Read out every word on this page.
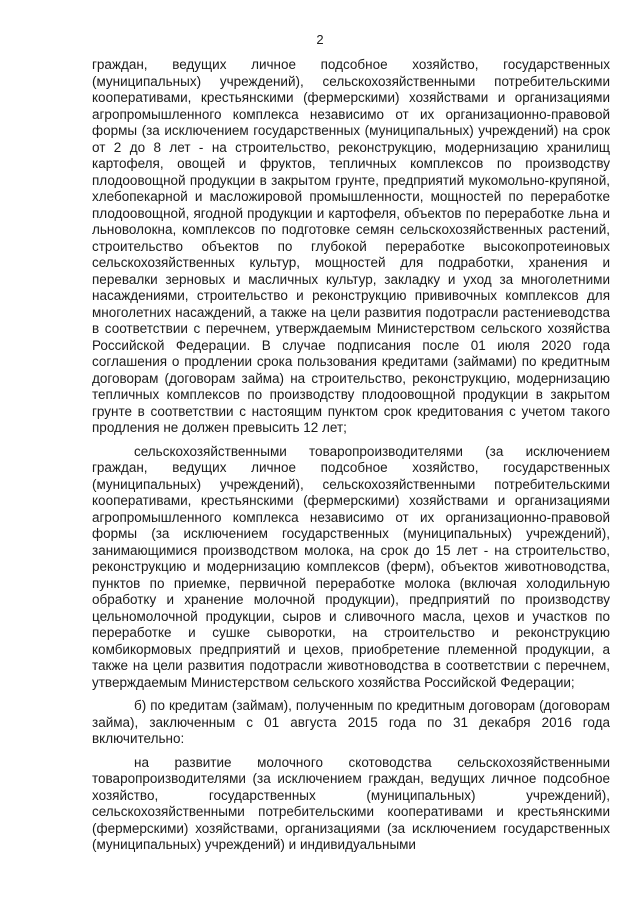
2

граждан, ведущих личное подсобное хозяйство, государственных (муниципальных) учреждений), сельскохозяйственными потребительскими кооперативами, крестьянскими (фермерскими) хозяйствами и организациями агропромышленного комплекса независимо от их организационно-правовой формы (за исключением государственных (муниципальных) учреждений) на срок от 2 до 8 лет - на строительство, реконструкцию, модернизацию хранилищ картофеля, овощей и фруктов, тепличных комплексов по производству плодоовощной продукции в закрытом грунте, предприятий мукомольно-крупяной, хлебопекарной и масложировой промышленности, мощностей по переработке плодоовощной, ягодной продукции и картофеля, объектов по переработке льна и льноволокна, комплексов по подготовке семян сельскохозяйственных растений, строительство объектов по глубокой переработке высокопротеиновых сельскохозяйственных культур, мощностей для подработки, хранения и перевалки зерновых и масличных культур, закладку и уход за многолетними насаждениями, строительство и реконструкцию прививочных комплексов для многолетних насаждений, а также на цели развития подотрасли растениеводства в соответствии с перечнем, утверждаемым Министерством сельского хозяйства Российской Федерации. В случае подписания после 01 июля 2020 года соглашения о продлении срока пользования кредитами (займами) по кредитным договорам (договорам займа) на строительство, реконструкцию, модернизацию тепличных комплексов по производству плодоовощной продукции в закрытом грунте в соответствии с настоящим пунктом срок кредитования с учетом такого продления не должен превысить 12 лет;

сельскохозяйственными товаропроизводителями (за исключением граждан, ведущих личное подсобное хозяйство, государственных (муниципальных) учреждений), сельскохозяйственными потребительскими кооперативами, крестьянскими (фермерскими) хозяйствами и организациями агропромышленного комплекса независимо от их организационно-правовой формы (за исключением государственных (муниципальных) учреждений), занимающимися производством молока, на срок до 15 лет - на строительство, реконструкцию и модернизацию комплексов (ферм), объектов животноводства, пунктов по приемке, первичной переработке молока (включая холодильную обработку и хранение молочной продукции), предприятий по производству цельномолочной продукции, сыров и сливочного масла, цехов и участков по переработке и сушке сыворотки, на строительство и реконструкцию комбикормовых предприятий и цехов, приобретение племенной продукции, а также на цели развития подотрасли животноводства в соответствии с перечнем, утверждаемым Министерством сельского хозяйства Российской Федерации;

б) по кредитам (займам), полученным по кредитным договорам (договорам займа), заключенным с 01 августа 2015 года по 31 декабря 2016 года включительно:

на развитие молочного скотоводства сельскохозяйственными товаропроизводителями (за исключением граждан, ведущих личное подсобное хозяйство, государственных (муниципальных) учреждений), сельскохозяйственными потребительскими кооперативами и крестьянскими (фермерскими) хозяйствами, организациями (за исключением государственных (муниципальных) учреждений) и индивидуальными
